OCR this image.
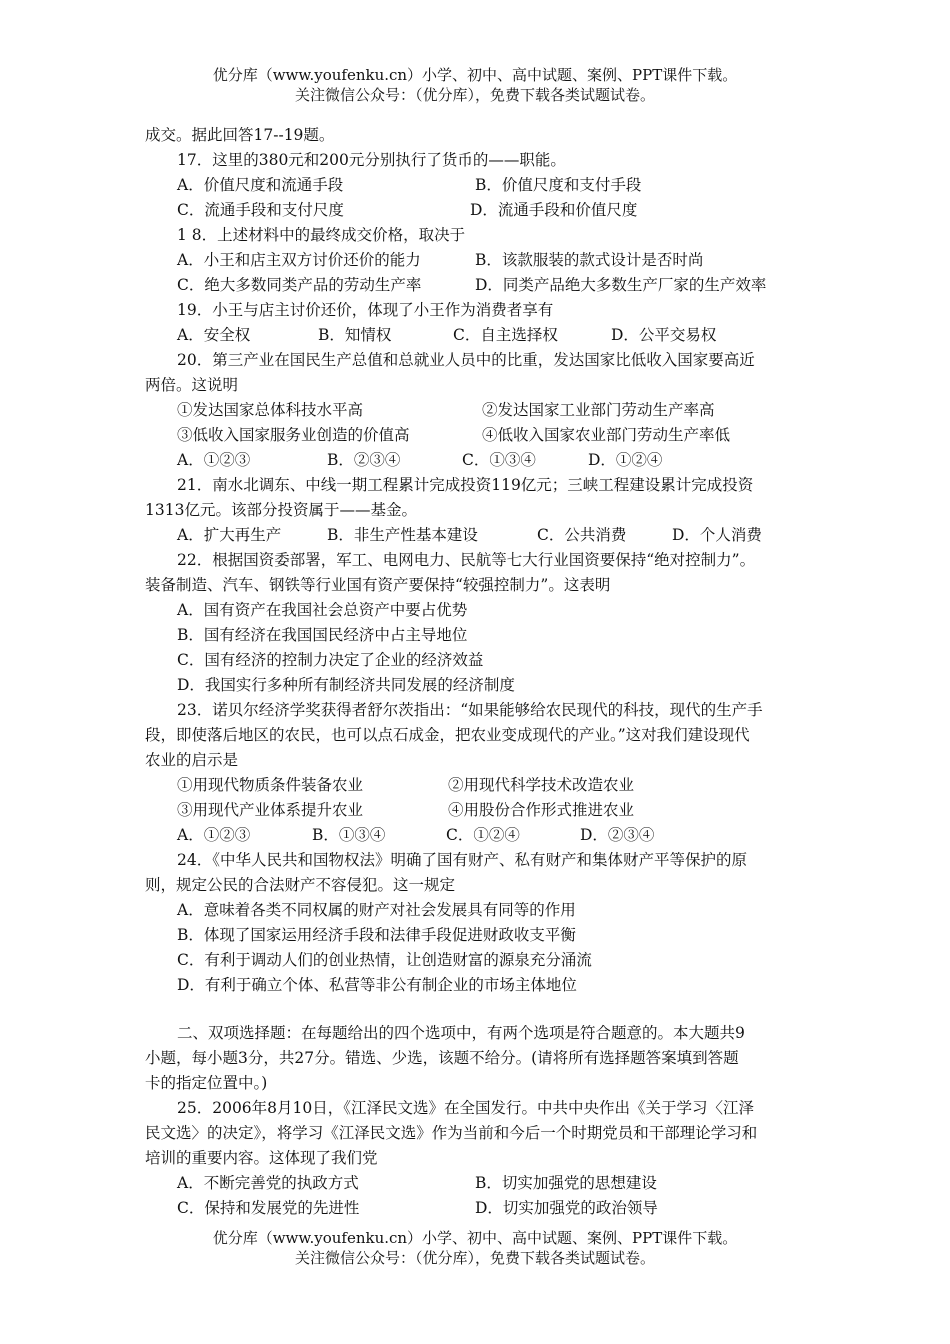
优分库（www.youfenku.cn）小学、初中、高中试题、案例、PPT课件下载。
关注微信公众号：（优分库），免费下载各类试题试卷。
成交。据此回答17--19题。
17．这里的380元和200元分别执行了货币的——职能。
A．价值尺度和流通手段	B．价值尺度和支付手段
C．流通手段和支付尺度	D．流通手段和价值尺度
1 8．上述材料中的最终成交价格，取决于
A．小王和店主双方讨价还价的能力	B．该款服装的款式设计是否时尚
C．绝大多数同类产品的劳动生产率	D．同类产品绝大多数生产厂家的生产效率
19．小王与店主讨价还价，体现了小王作为消费者享有
A．安全权	B．知情权	C．自主选择权	D．公平交易权
20．第三产业在国民生产总值和总就业人员中的比重，发达国家比低收入国家要高近
两倍。这说明
①发达国家总体科技水平高	②发达国家工业部门劳动生产率高
③低收入国家服务业创造的价值高	④低收入国家农业部门劳动生产率低
A．①②③	B．②③④	C．①③④	D．①②④
21．南水北调东、中线一期工程累计完成投资119亿元；三峡工程建设累计完成投资
1313亿元。该部分投资属于——基金。
A．扩大再生产	B．非生产性基本建设	C．公共消费	D．个人消费
22．根据国资委部署，军工、电网电力、民航等七大行业国资要保持“绝对控制力”。
装备制造、汽车、钢铁等行业国有资产要保持“较强控制力”。这表明
A．国有资产在我国社会总资产中要占优势
B．国有经济在我国国民经济中占主导地位
C．国有经济的控制力决定了企业的经济效益
D．我国实行多种所有制经济共同发展的经济制度
23．诺贝尔经济学奖获得者舒尔茨指出：“如果能够给农民现代的科技，现代的生产手
段，即使落后地区的农民，也可以点石成金，把农业变成现代的产业。”这对我们建设现代
农业的启示是
①用现代物质条件装备农业	②用现代科学技术改造农业
③用现代产业体系提升农业	④用股份合作形式推进农业
A．①②③	B．①③④	C．①②④	D．②③④
24．《中华人民共和国物权法》明确了国有财产、私有财产和集体财产平等保护的原
则，规定公民的合法财产不容侵犯。这一规定
A．意味着各类不同权属的财产对社会发展具有同等的作用
B．体现了国家运用经济手段和法律手段促进财政收支平衡
C．有利于调动人们的创业热情，让创造财富的源泉充分涌流
D．有利于确立个体、私营等非公有制企业的市场主体地位
二、双项选择题：在每题给出的四个选项中，有两个选项是符合题意的。本大题共9
小题，每小题3分，共27分。错选、少选，该题不给分。(请将所有选择题答案填到答题
卡的指定位置中。)
25．2006年8月10日，《江泽民文选》在全国发行。中共中央作出《关于学习〈江泽
民文选〉的决定》，将学习《江泽民文选》作为当前和今后一个时期党员和干部理论学习和
培训的重要内容。这体现了我们党
A．不断完善党的执政方式	B．切实加强党的思想建设
C．保持和发展党的先进性	D．切实加强党的政治领导
优分库（www.youfenku.cn）小学、初中、高中试题、案例、PPT课件下载。
关注微信公众号：（优分库），免费下载各类试题试卷。
